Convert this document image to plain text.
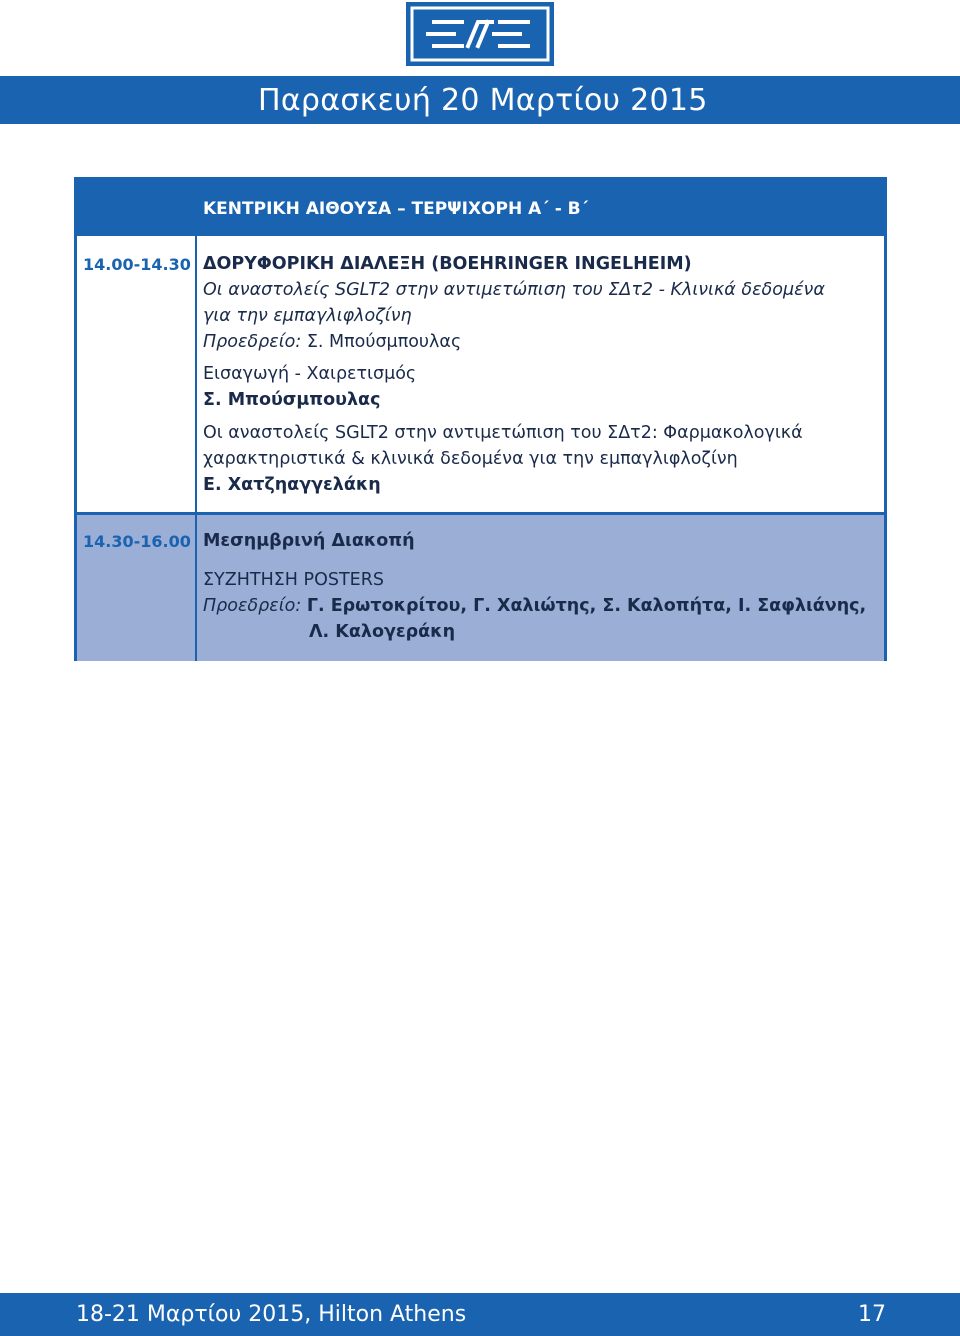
Παρασκευή 20 Μαρτίου 2015
ΚΕΝΤΡΙΚΗ ΑΙΘΟΥΣΑ – ΤΕΡΨΙΧΟΡΗ Α΄ - Β΄
14.00-14.30 ΔΟΡΥΦΟΡΙΚΗ ΔΙΑΛΕΞΗ (BOEHRINGER INGELHEIM)
Οι αναστολείς SGLT2 στην αντιμετώπιση του ΣΔτ2 - Κλινικά δεδομένα
για την εμπαγλιφλοζίνη
Προεδρείο: Σ. Μπούσμπουλας
Εισαγωγή - Χαιρετισμός
Σ. Μπούσμπουλας
Οι αναστολείς SGLT2 στην αντιμετώπιση του ΣΔτ2: Φαρμακολογικά
χαρακτηριστικά & κλινικά δεδομένα για την εμπαγλιφλοζίνη
Ε. Χατζηαγγελάκη
14.30-16.00 Μεσημβρινή Διακοπή
ΣΥΖΗΤΗΣΗ POSTERS
Προεδρείο: Γ. Ερωτοκρίτου, Γ. Χαλιώτης, Σ. Καλοπήτα, Ι. Σαφλιάνης,
Λ. Καλογεράκη
18-21 Μαρτίου 2015, Hilton Athens	17
